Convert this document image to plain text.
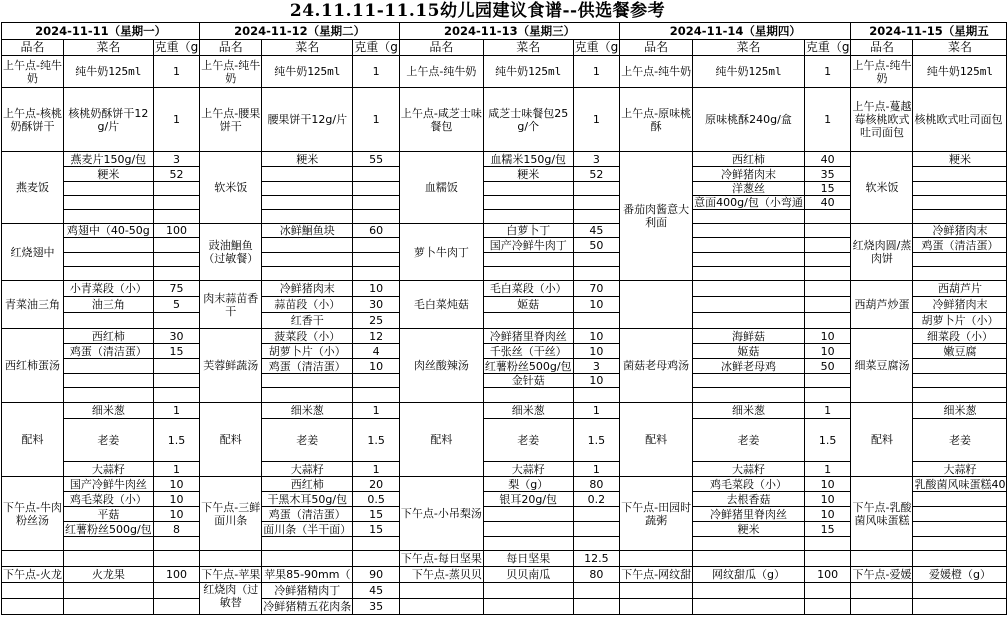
24.11.11-11.15幼儿园建议食谱--供选餐参考
2024-11-11（星期一）			2024-11-12（星期二）			2024-11-13（星期三）			2024-11-14（星期四）			2024-11-15（星期五	
品名	菜名	克重（g	品名	菜名	克重（g	品名	菜名	克重（g	品名	菜名	克重（g	品名	菜名
上午点-纯牛奶	纯牛奶125ml	1	上午点-纯牛奶	纯牛奶125ml	1	上午点-纯牛奶	纯牛奶125ml	1	上午点-纯牛奶	纯牛奶125ml	1	上午点-纯牛奶	纯牛奶125ml
上午点-核桃奶酥饼干	核桃奶酥饼干12g/片	1	上午点-腰果饼干	腰果饼干12g/片	1	上午点-咸芝士味餐包	咸芝士味餐包25g/个	1	上午点-原味桃酥	原味桃酥240g/盒	1	上午点-蔓越莓核桃欧式吐司面包	核桃欧式吐司面包
燕麦饭	燕麦片150g/包	3	软米饭	粳米	55	血糯饭	血糯米150g/包	3	番茄肉酱意大利面	西红柿	40	软米饭	粳米
	粳米	52					粳米	52		冷鲜猪肉末	35		
										洋葱丝	15		
										意面400g/包（小弯通	40		

红烧翅中	鸡翅中（40-50g	100	豉油鮰鱼（过敏餐）	冰鲜鮰鱼块	60	萝卜牛肉丁	白萝卜丁	45				红烧肉圆/蒸肉饼	冷鲜猪肉末
							国产冷鲜牛肉丁	50					鸡蛋（清洁蛋）

青菜油三角	小青菜段（小）	75	肉末蒜苗香干	冷鲜猪肉末	10	毛白菜炖菇	毛白菜段（小）	70				西葫芦炒蛋	西葫芦片
	油三角	5		蒜苗段（小）	30		姬菇	10					冷鲜猪肉末
				红香干	25								胡萝卜片（小）
西红柿蛋汤	西红柿	30	芙蓉鲜蔬汤	菠菜段（小）	12	肉丝酸辣汤	冷鲜猪里脊肉丝	10	菌菇老母鸡汤	海鲜菇	10	细菜豆腐汤	细菜段（小）
	鸡蛋（清洁蛋）	15		胡萝卜片（小）	4		千张丝（干丝）	10		姬菇	10		嫩豆腐
				鸡蛋（清洁蛋）	10		红薯粉丝500g/包	3		冰鲜老母鸡	50		
							金针菇	10					

配料	细米葱	1	配料	细米葱	1	配料	细米葱	1	配料	细米葱	1	配料	细米葱
	老姜	1.5		老姜	1.5		老姜	1.5		老姜	1.5		老姜
	大蒜籽	1		大蒜籽	1		大蒜籽	1		大蒜籽	1		大蒜籽
下午点-牛肉粉丝汤	国产冷鲜牛肉丝	10	下午点-三鲜面川条	西红柿	20	下午点-小吊梨汤	梨（g）	80	下午点-田园时蔬粥	鸡毛菜段（小）	10	下午点-乳酸菌风味蛋糕	乳酸菌风味蛋糕40
	鸡毛菜段（小）	10		干黑木耳50g/包	0.5		银耳20g/包	0.2		去根香菇	10		
	平菇	10		鸡蛋（清洁蛋）	15					冷鲜猪里脊肉丝	10		
	红薯粉丝500g/包	8		面川条（半干面）	15					粳米	15		

						下午点-每日坚果	每日坚果	12.5					
下午点-火龙	火龙果	100	下午点-苹果	苹果85-90mm（	90	下午点-蒸贝贝	贝贝南瓜	80	下午点-网纹甜	网纹甜瓜（g）	100	下午点-爱媛	爱媛橙（g）
			红烧肉（过敏替	冷鲜猪精肉丁	45								
				冷鲜猪精五花肉条	35								
